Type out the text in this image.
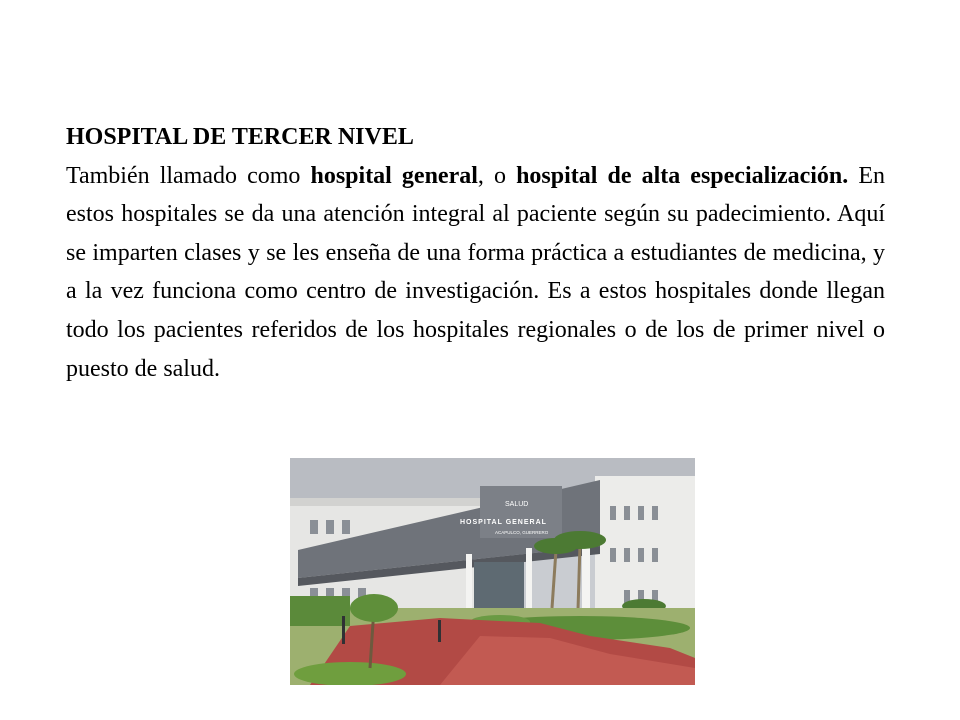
HOSPITAL DE TERCER NIVEL
También llamado como hospital general, o hospital de alta especialización. En estos hospitales se da una atención integral al paciente según su padecimiento. Aquí se imparten clases y se les enseña de una forma práctica a estudiantes de medicina, y a la vez funciona como centro de investigación. Es a estos hospitales donde llegan todo los pacientes referidos de los hospitales regionales o de los de primer nivel o puesto de salud.
SALUD
HOSPITAL GENERAL
ACAPULCO, GUERRERO
